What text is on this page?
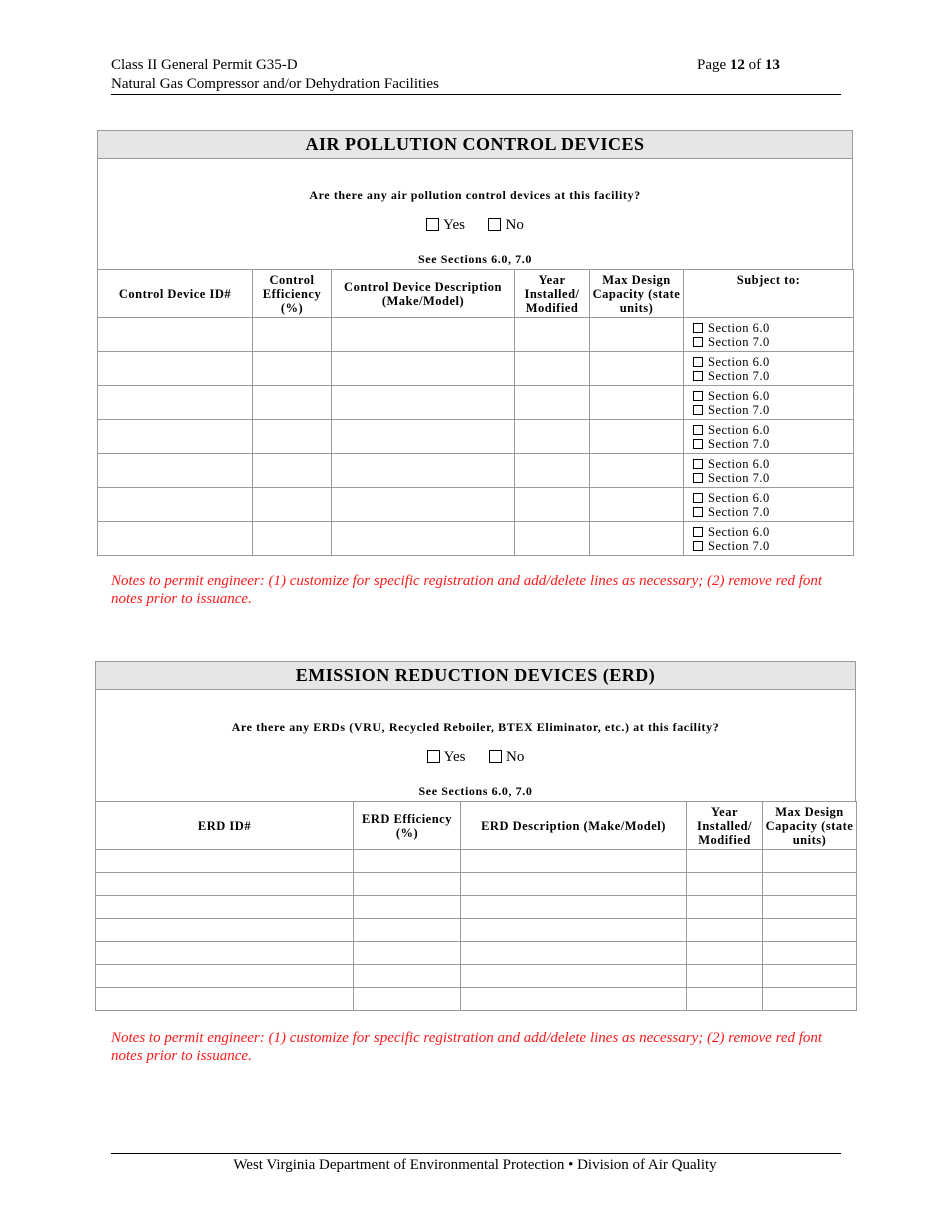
Class II General Permit G35-D
Natural Gas Compressor and/or Dehydration Facilities
Page 12 of 13
AIR POLLUTION CONTROL DEVICES
Are there any air pollution control devices at this facility?
Yes	No
See Sections 6.0, 7.0
Control Device ID#	Control Efficiency (%)	Control Device Description (Make/Model)	Year Installed/ Modified	Max Design Capacity (state units)	Subject to:

					Section 6.0
Section 7.0

					Section 6.0
Section 7.0

					Section 6.0
Section 7.0

					Section 6.0
Section 7.0

					Section 6.0
Section 7.0

					Section 6.0
Section 7.0

					Section 6.0
Section 7.0
Notes to permit engineer: (1) customize for specific registration and add/delete lines as necessary; (2) remove red font notes prior to issuance.
EMISSION REDUCTION DEVICES (ERD)
Are there any ERDs (VRU, Recycled Reboiler, BTEX Eliminator, etc.) at this facility?
Yes	No
See Sections 6.0, 7.0
ERD ID#	ERD Efficiency (%)	ERD Description (Make/Model)	Year Installed/ Modified	Max Design Capacity (state units)

Notes to permit engineer: (1) customize for specific registration and add/delete lines as necessary; (2) remove red font notes prior to issuance.
West Virginia Department of Environmental Protection • Division of Air Quality
